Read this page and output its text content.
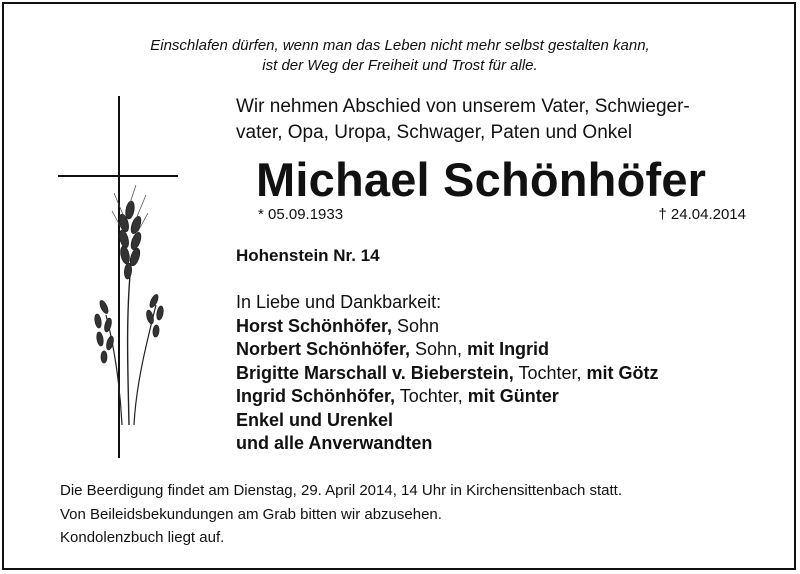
Einschlafen dürfen, wenn man das Leben nicht mehr selbst gestalten kann,
ist der Weg der Freiheit und Trost für alle.
Wir nehmen Abschied von unserem Vater, Schwieger-
vater, Opa, Uropa, Schwager, Paten und Onkel
Michael Schönhöfer
* 05.09.1933	† 24.04.2014
Hohenstein Nr. 14
In Liebe und Dankbarkeit:
Horst Schönhöfer, Sohn
Norbert Schönhöfer, Sohn, mit Ingrid
Brigitte Marschall v. Bieberstein, Tochter, mit Götz
Ingrid Schönhöfer, Tochter, mit Günter
Enkel und Urenkel
und alle Anverwandten
Die Beerdigung findet am Dienstag, 29. April 2014, 14 Uhr in Kirchensittenbach statt.
Von Beileidsbekundungen am Grab bitten wir abzusehen.
Kondolenzbuch liegt auf.
